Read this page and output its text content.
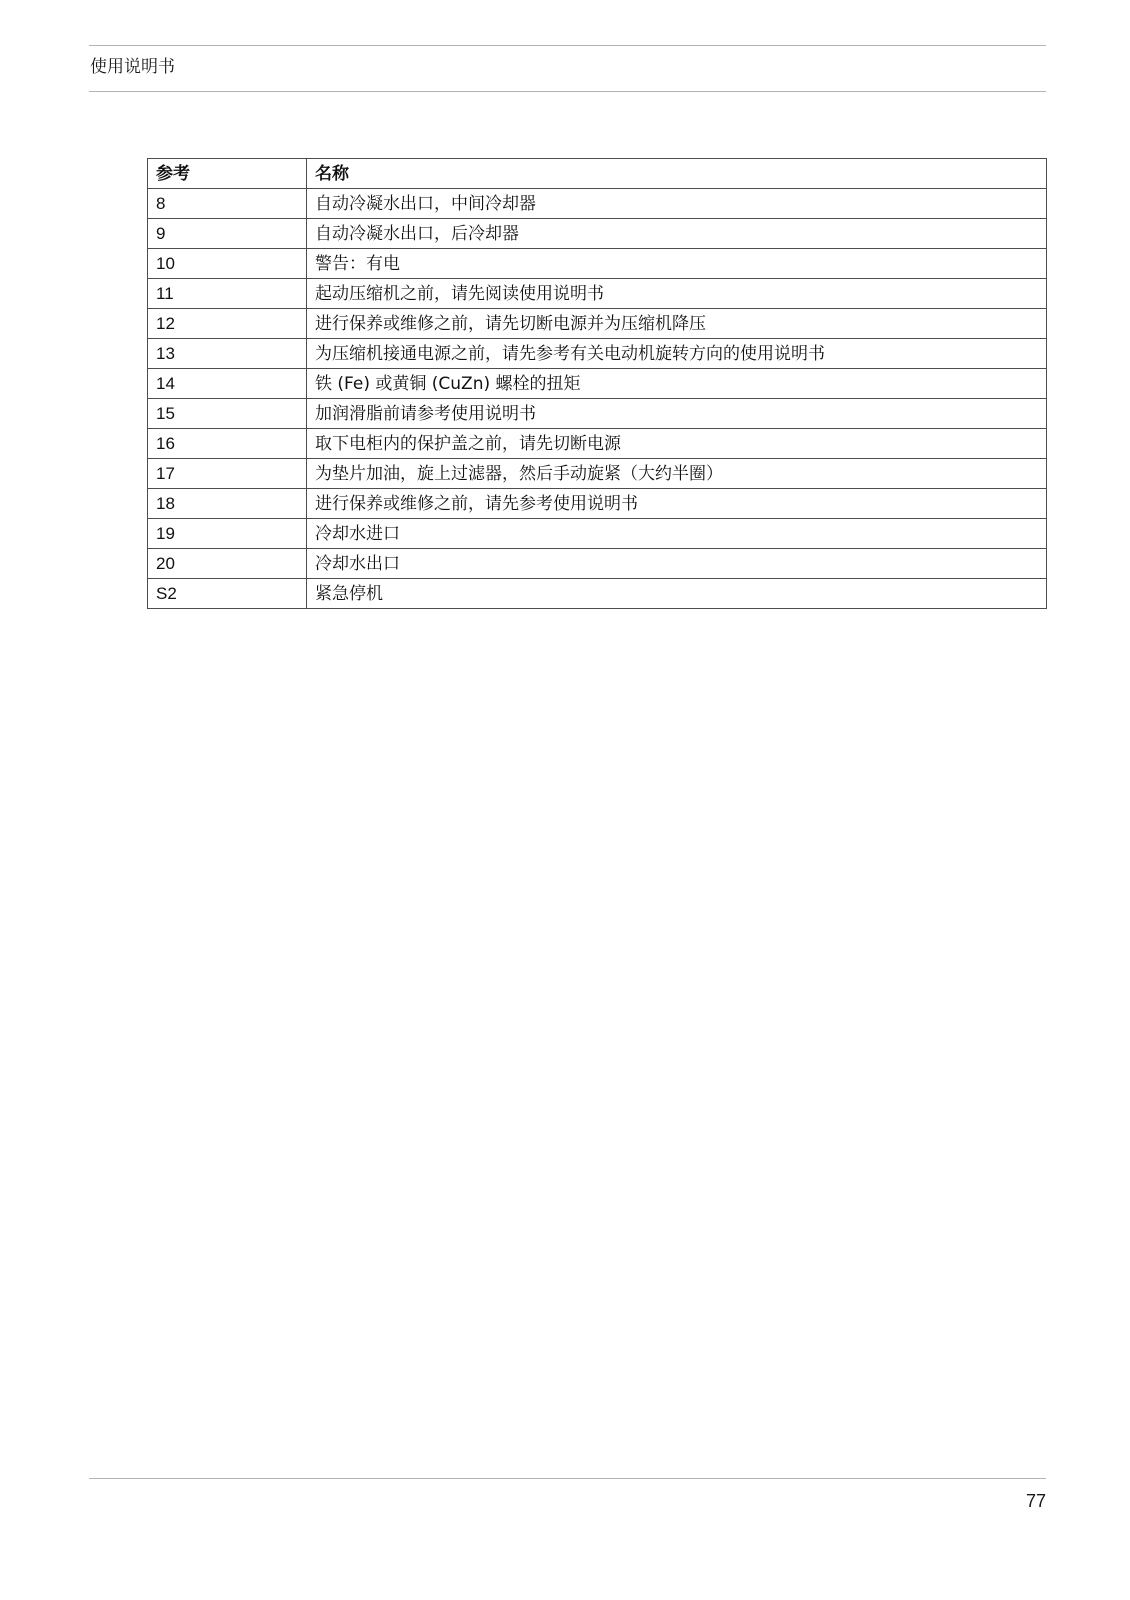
使用说明书
参考	名称
8	自动冷凝水出口，中间冷却器
9	自动冷凝水出口，后冷却器
10	警告：有电
11	起动压缩机之前，请先阅读使用说明书
12	进行保养或维修之前，请先切断电源并为压缩机降压
13	为压缩机接通电源之前，请先参考有关电动机旋转方向的使用说明书
14	铁 (Fe) 或黄铜 (CuZn) 螺栓的扭矩
15	加润滑脂前请参考使用说明书
16	取下电柜内的保护盖之前，请先切断电源
17	为垫片加油，旋上过滤器，然后手动旋紧（大约半圈）
18	进行保养或维修之前，请先参考使用说明书
19	冷却水进口
20	冷却水出口
S2	紧急停机
77
